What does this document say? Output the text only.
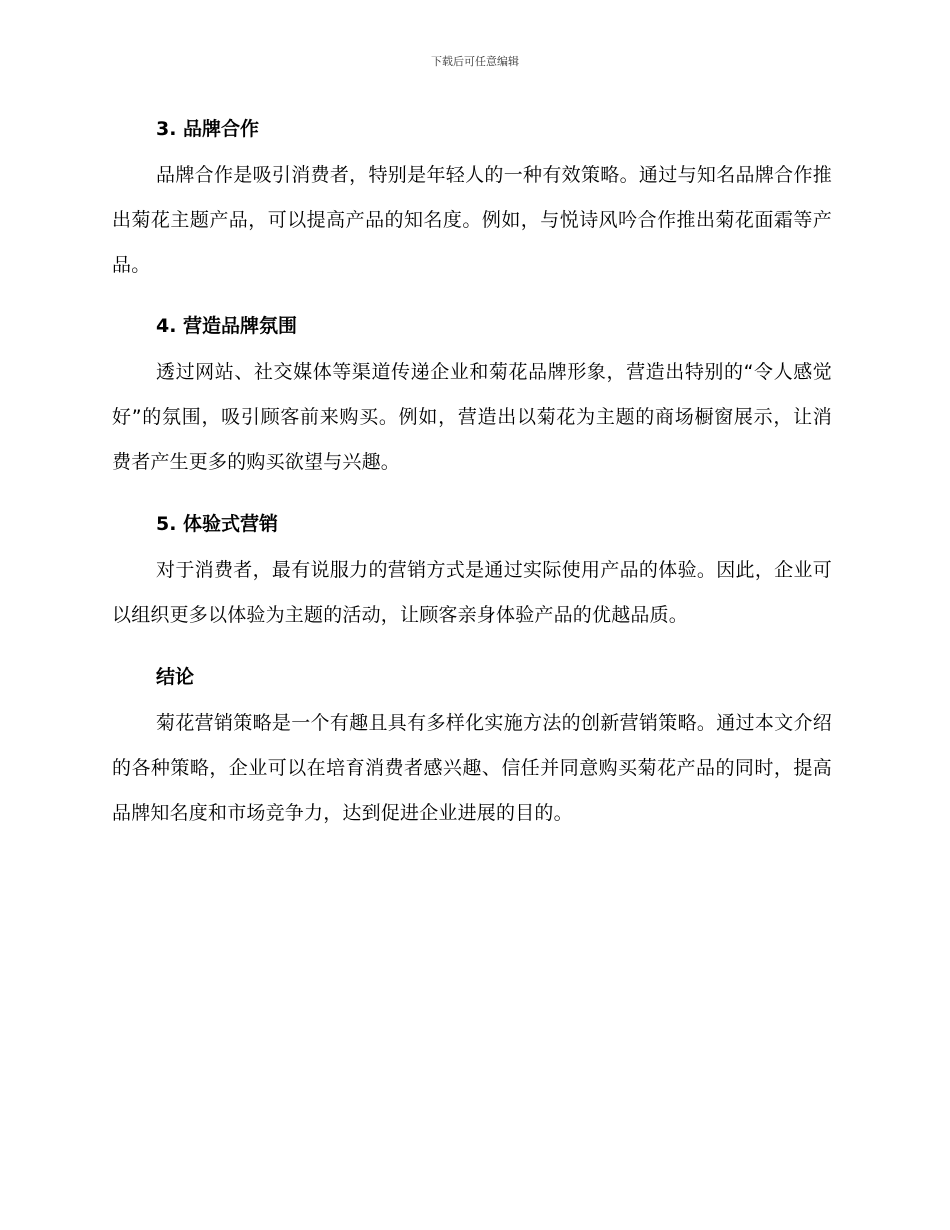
下载后可任意编辑
3. 品牌合作

品牌合作是吸引消费者，特别是年轻人的一种有效策略。通过与知名品牌合作推出菊花主题产品，可以提高产品的知名度。例如，与悦诗风吟合作推出菊花面霜等产品。

4. 营造品牌氛围

透过网站、社交媒体等渠道传递企业和菊花品牌形象，营造出特别的“令人感觉好”的氛围，吸引顾客前来购买。例如，营造出以菊花为主题的商场橱窗展示，让消费者产生更多的购买欲望与兴趣。

5. 体验式营销

对于消费者，最有说服力的营销方式是通过实际使用产品的体验。因此，企业可以组织更多以体验为主题的活动，让顾客亲身体验产品的优越品质。

结论

菊花营销策略是一个有趣且具有多样化实施方法的创新营销策略。通过本文介绍的各种策略，企业可以在培育消费者感兴趣、信任并同意购买菊花产品的同时，提高品牌知名度和市场竞争力，达到促进企业进展的目的。
